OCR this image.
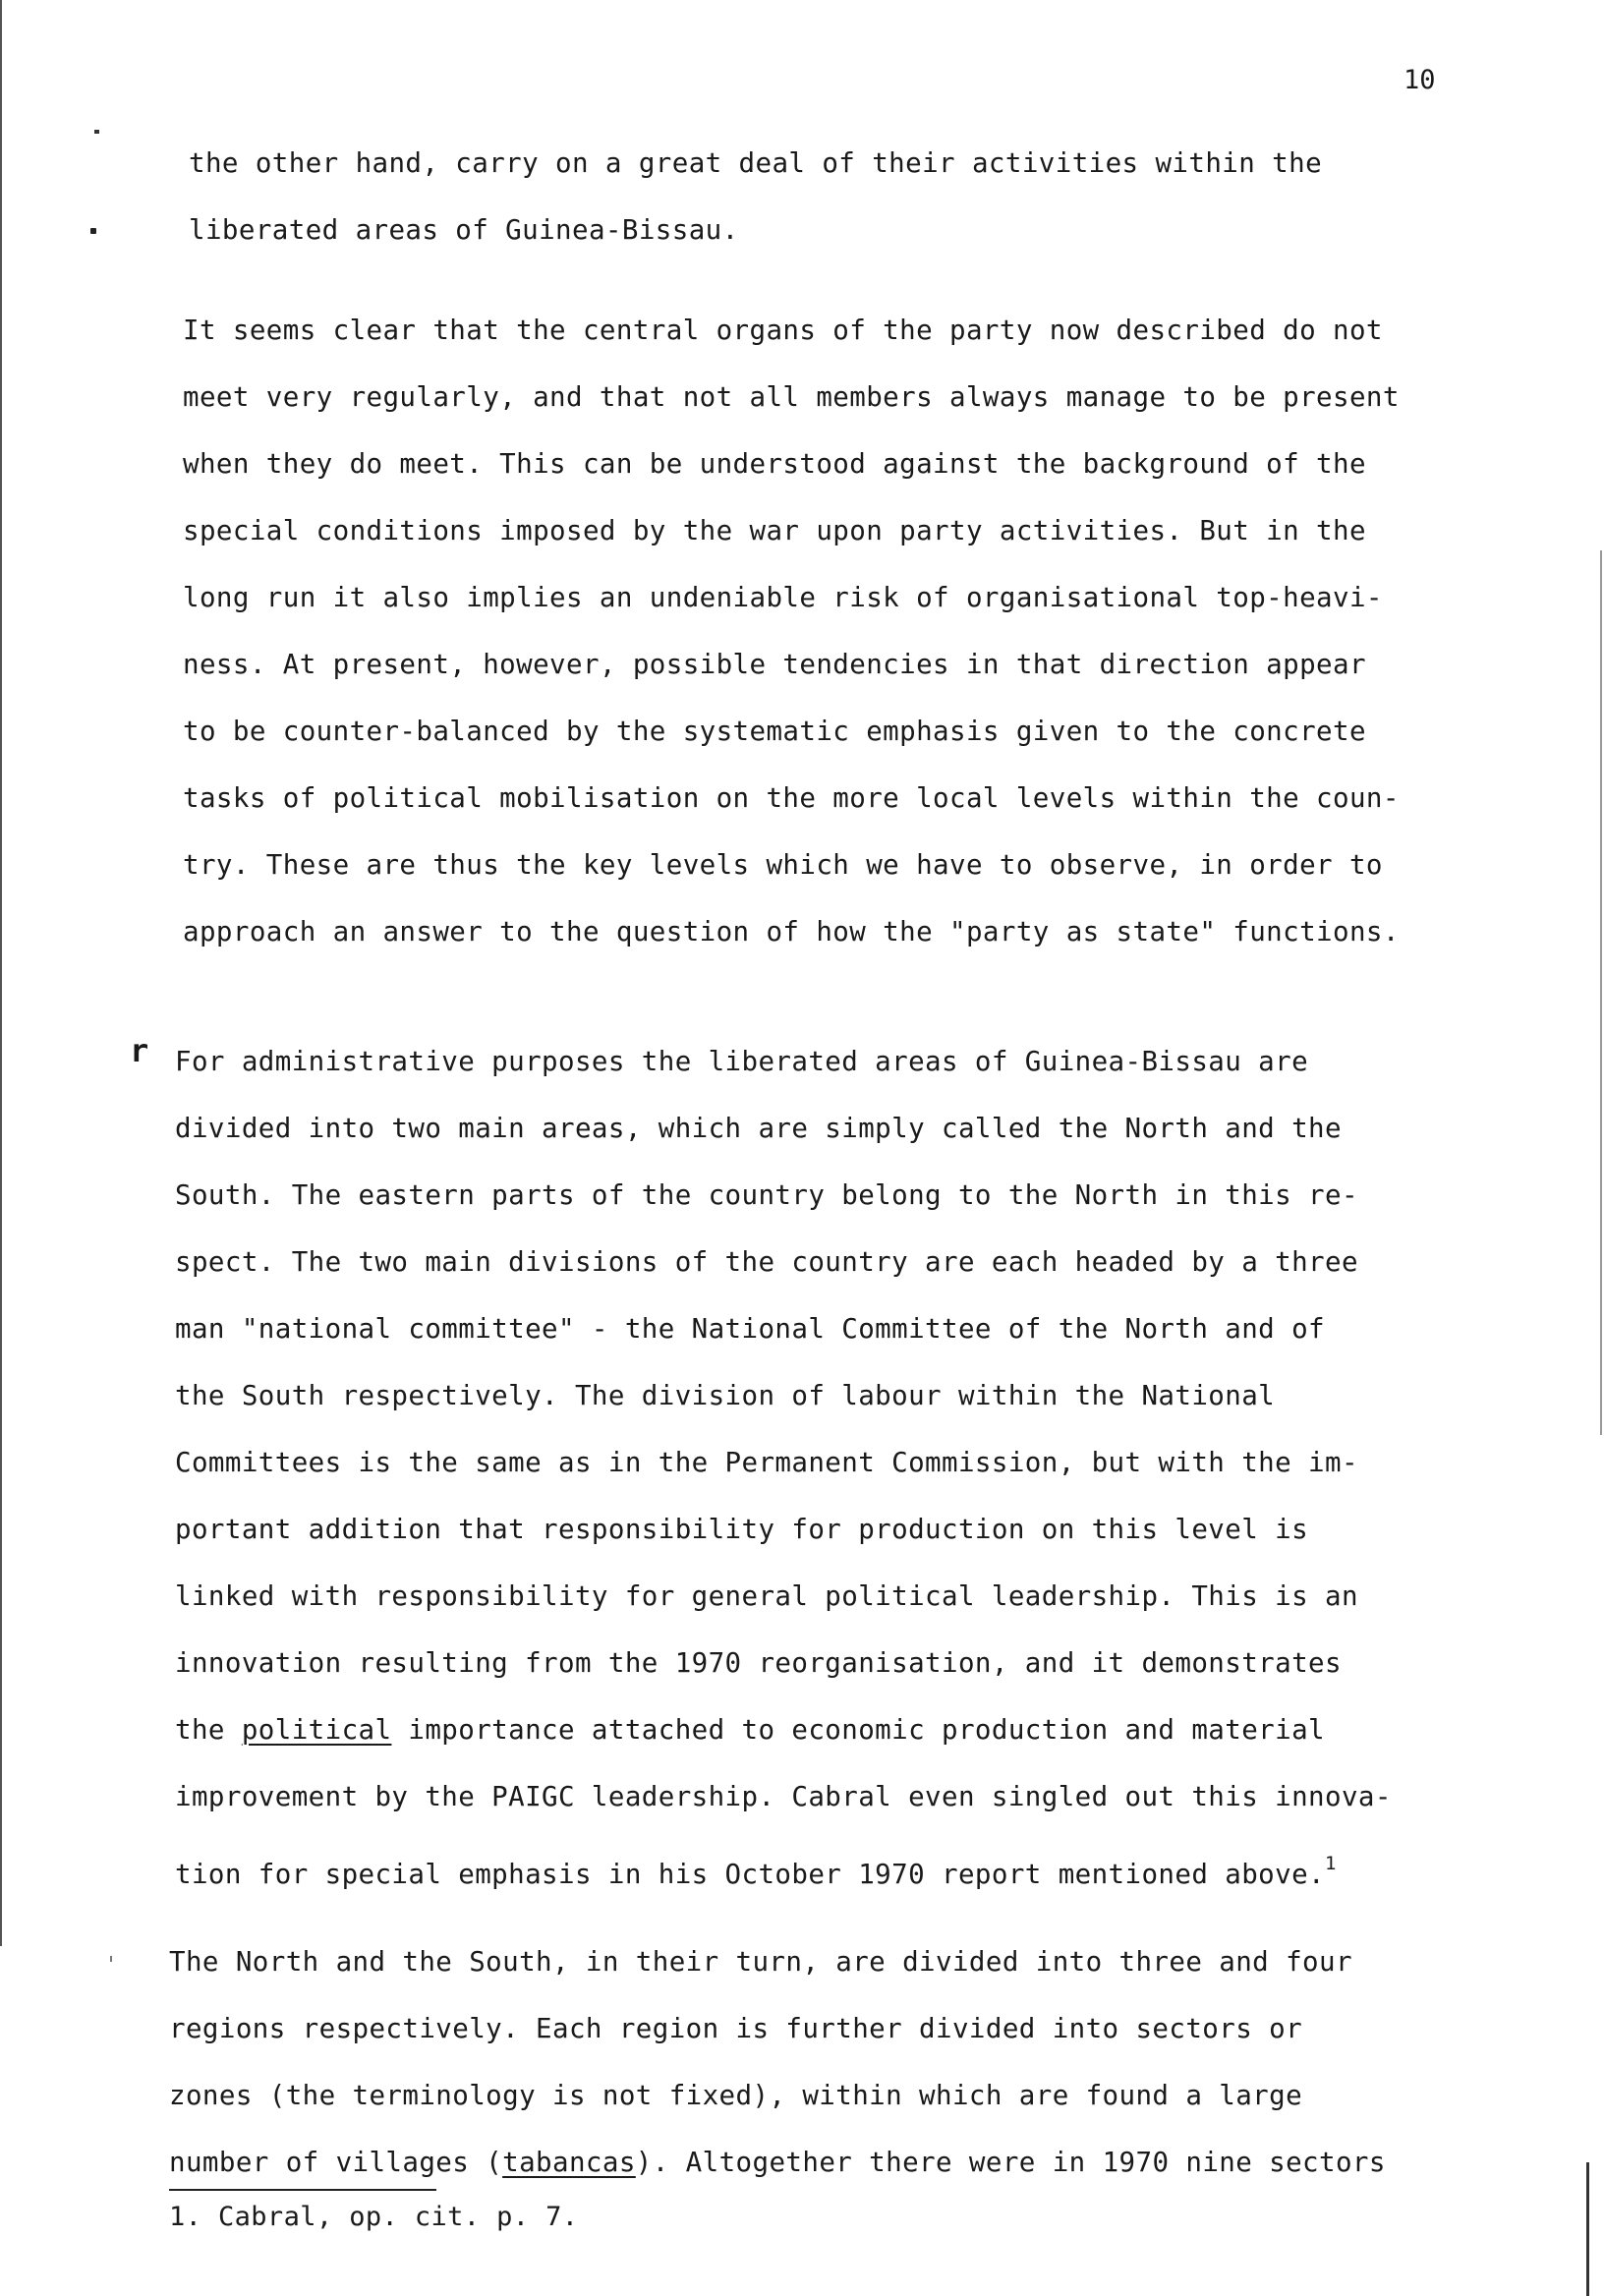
10
the other hand, carry on a great deal of their activities within the
liberated areas of Guinea-Bissau.
It seems clear that the central organs of the party now described do not
meet very regularly, and that not all members always manage to be present
when they do meet. This can be understood against the background of the
special conditions imposed by the war upon party activities. But in the
long run it also implies an undeniable risk of organisational top-heavi-
ness. At present, however, possible tendencies in that direction appear
to be counter-balanced by the systematic emphasis given to the concrete
tasks of political mobilisation on the more local levels within the coun-
try. These are thus the key levels which we have to observe, in order to
approach an answer to the question of how the "party as state" functions.
r For administrative purposes the liberated areas of Guinea-Bissau are
divided into two main areas, which are simply called the North and the
South. The eastern parts of the country belong to the North in this re-
spect. The two main divisions of the country are each headed by a three
man "national committee" - the National Committee of the North and of
the South respectively. The division of labour within the National
Committees is the same as in the Permanent Commission, but with the im-
portant addition that responsibility for production on this level is
linked with responsibility for general political leadership. This is an
innovation resulting from the 1970 reorganisation, and it demonstrates
the political importance attached to economic production and material
improvement by the PAIGC leadership. Cabral even singled out this innova-
tion for special emphasis in his October 1970 report mentioned above.$^1$
The North and the South, in their turn, are divided into three and four
regions respectively. Each region is further divided into sectors or
zones (the terminology is not fixed), within which are found a large
number of villages (tabancas). Altogether there were in 1970 nine sectors
1. Cabral, op. cit. p. 7.
